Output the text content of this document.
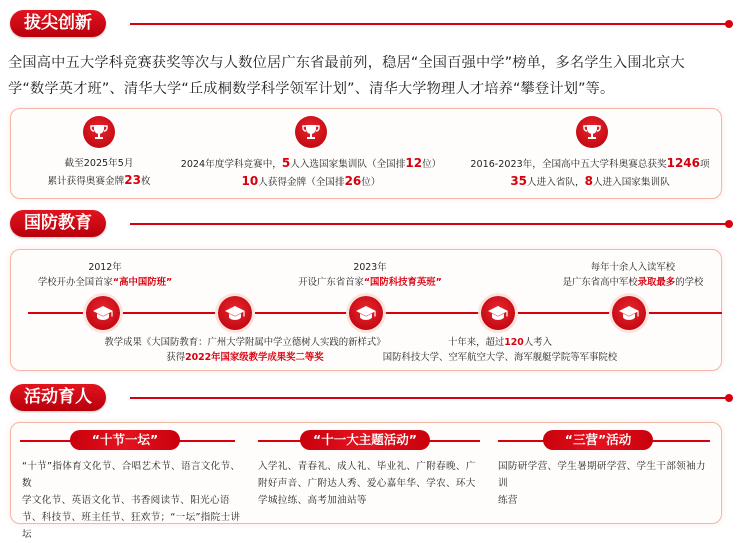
拔尖创新
全国高中五大学科竞赛获奖等次与人数位居广东省最前列，稳居“全国百强中学”榜单，多名学生入围北京大
学“数学英才班”、清华大学“丘成桐数学科学领军计划”、清华大学物理人才培养“攀登计划”等。
截至2025年5月
累计获得奥赛金牌23枚
2024年度学科竞赛中，5人入选国家集训队（全国排12位）
10人获得金牌（全国排26位）
2016-2023年，全国高中五大学科奥赛总获奖1246项
35人进入省队，8人进入国家集训队
国防教育
2012年
学校开办全国首家“高中国防班”
2023年
开设广东省首家“国防科技育英班”
每年十余人入读军校
是广东省高中军校录取最多的学校
教学成果《大国防教育：广州大学附属中学立德树人实践的新样式》
获得2022年国家级教学成果奖二等奖
十年来，超过120人考入
国防科技大学、空军航空大学、海军舰艇学院等军事院校
活动育人
“十节一坛”
“十节”指体育文化节、合唱艺术节、语言文化节、数
学文化节、英语文化节、书香阅读节、阳光心语
节、科技节、班主任节、狂欢节；“一坛”指院士讲坛
“十一大主题活动”
入学礼、青春礼、成人礼、毕业礼、广附春晚、广
附好声音、广附达人秀、爱心嘉年华、学农、环大
学城拉练、高考加油站等
“三营”活动
国防研学营、学生暑期研学营、学生干部领袖力训
练营
